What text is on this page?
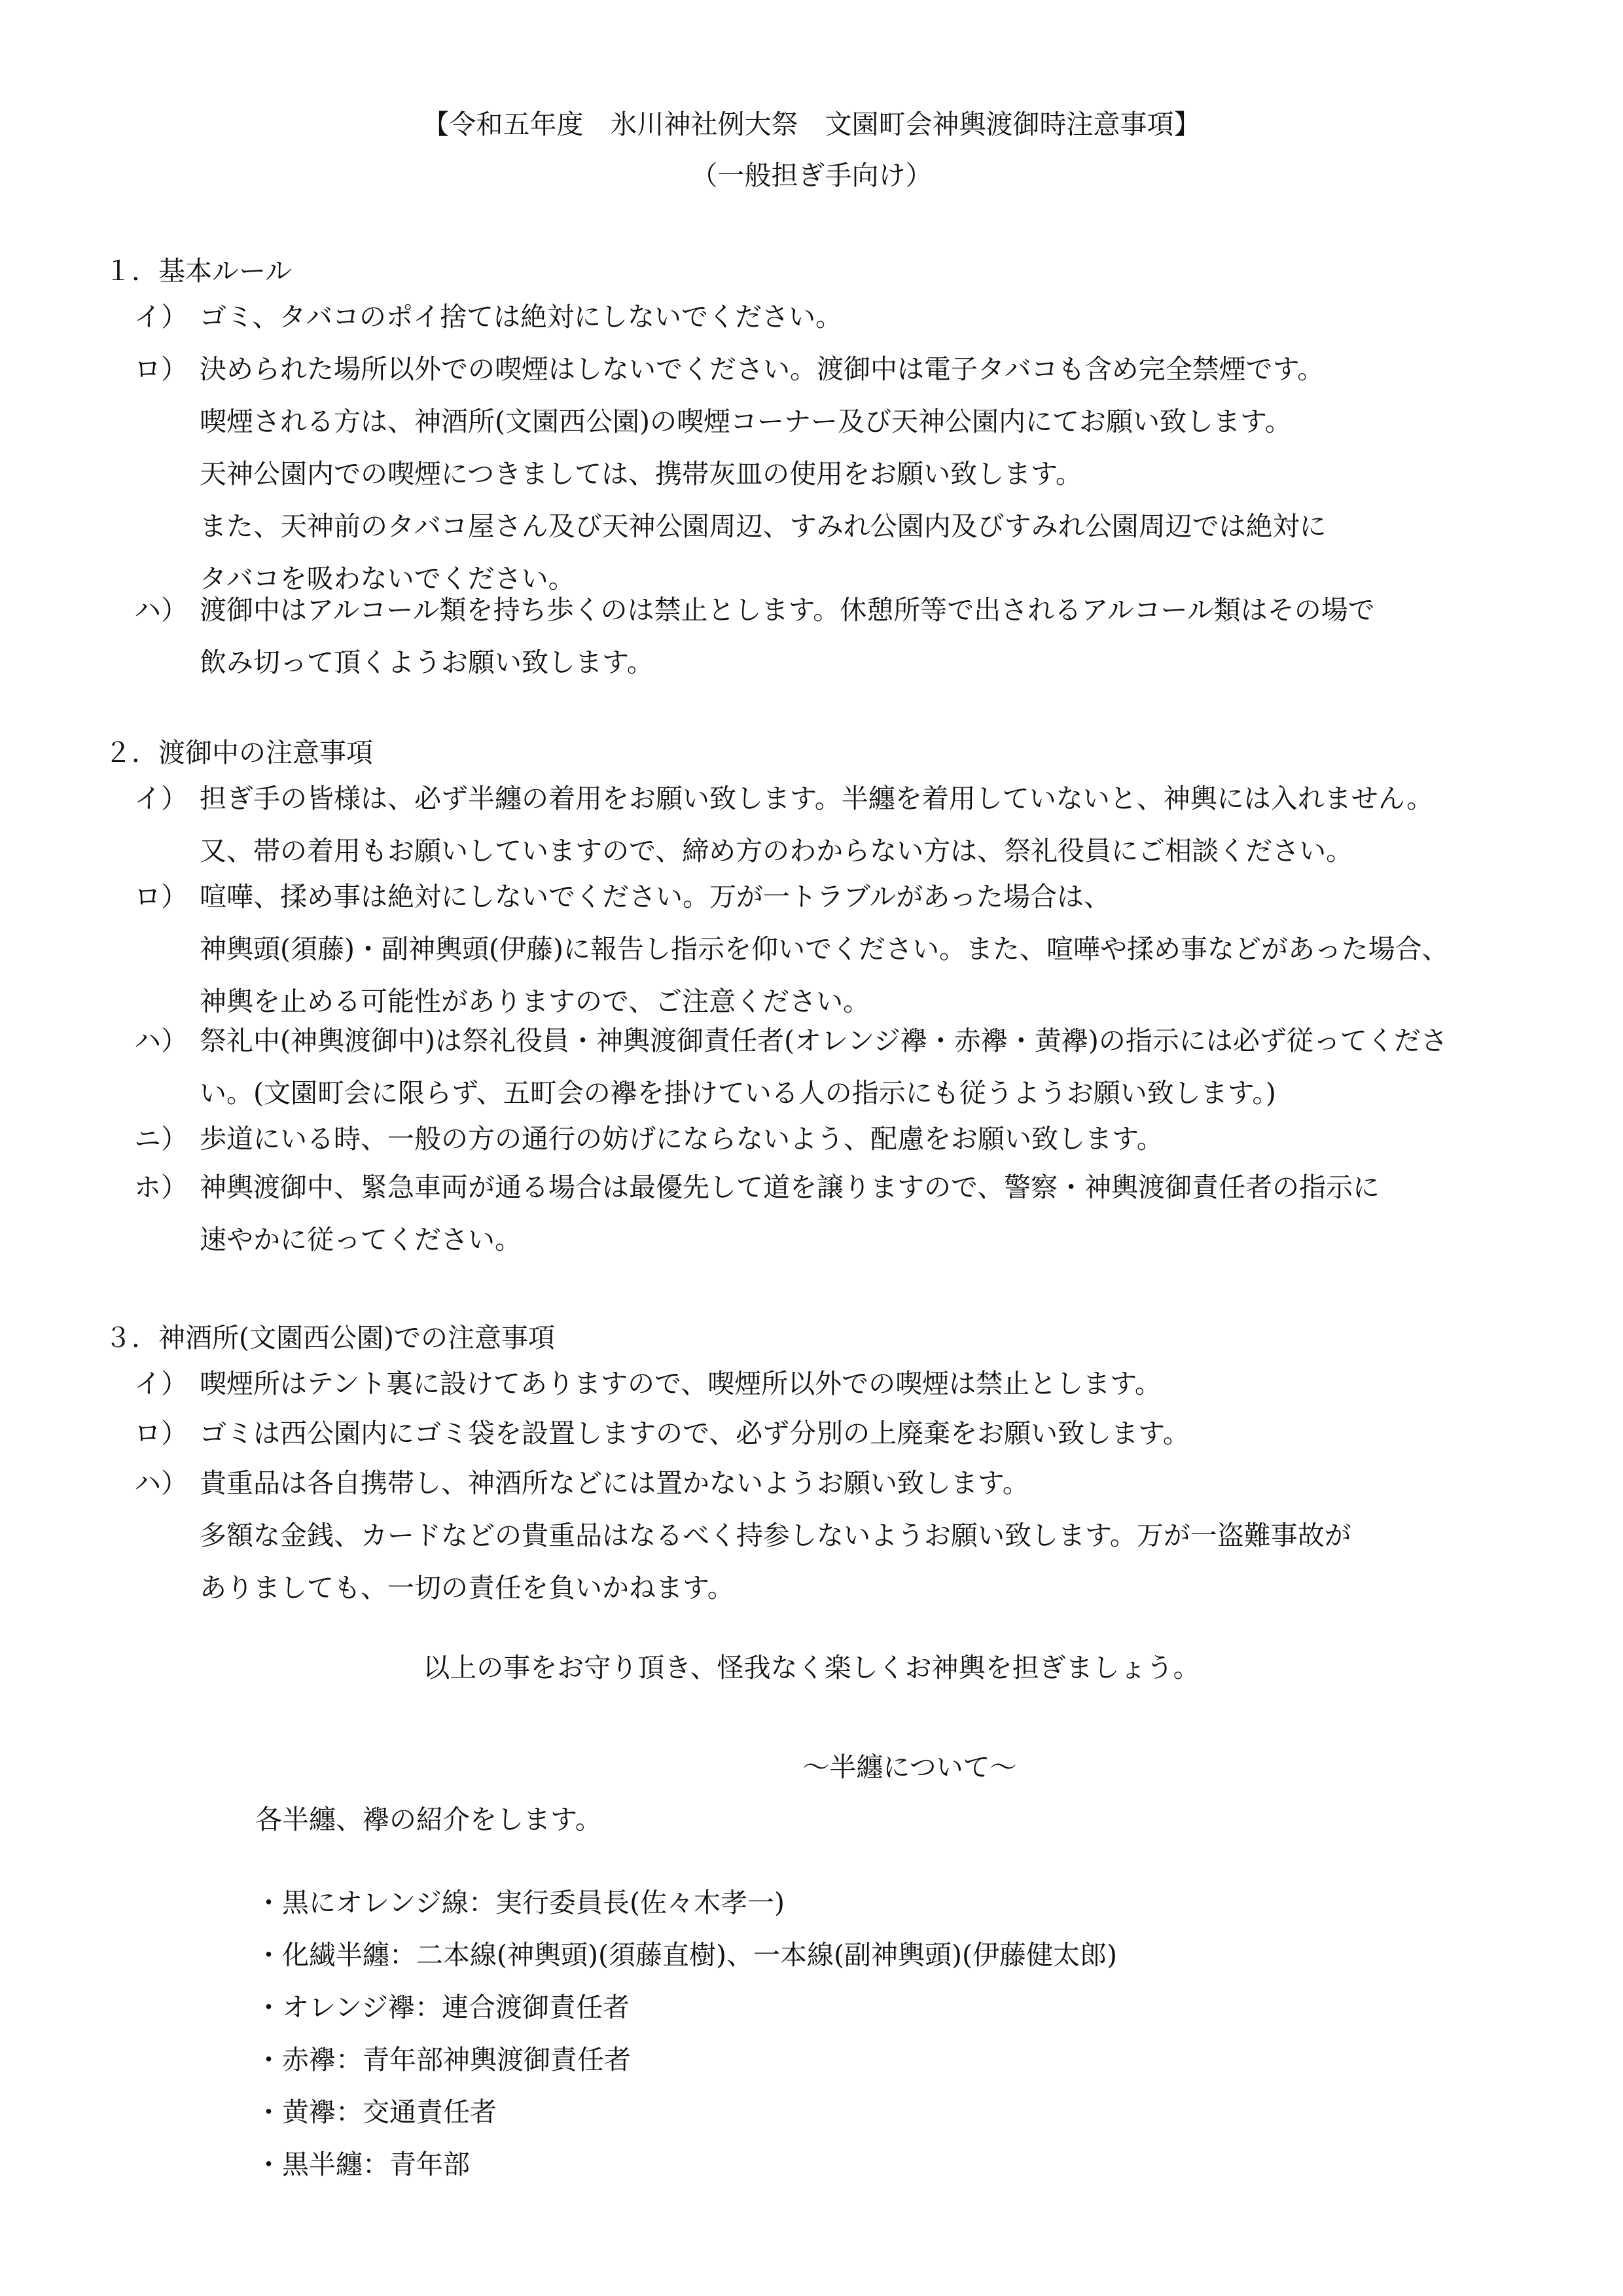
【令和五年度　氷川神社例大祭　文園町会神輿渡御時注意事項】
（一般担ぎ手向け）
１．基本ルール
イ） ゴミ、タバコのポイ捨ては絶対にしないでください。
ロ） 決められた場所以外での喫煙はしないでください。渡御中は電子タバコも含め完全禁煙です。
喫煙される方は、神酒所(文園西公園)の喫煙コーナー及び天神公園内にてお願い致します。
天神公園内での喫煙につきましては、携帯灰皿の使用をお願い致します。
また、天神前のタバコ屋さん及び天神公園周辺、すみれ公園内及びすみれ公園周辺では絶対に
タバコを吸わないでください。
ハ） 渡御中はアルコール類を持ち歩くのは禁止とします。休憩所等で出されるアルコール類はその場で
飲み切って頂くようお願い致します。
２．渡御中の注意事項
イ） 担ぎ手の皆様は、必ず半纏の着用をお願い致します。半纏を着用していないと、神輿には入れません。
又、帯の着用もお願いしていますので、締め方のわからない方は、祭礼役員にご相談ください。
ロ） 喧嘩、揉め事は絶対にしないでください。万が一トラブルがあった場合は、
神輿頭(須藤)・副神輿頭(伊藤)に報告し指示を仰いでください。また、喧嘩や揉め事などがあった場合、
神輿を止める可能性がありますので、ご注意ください。
ハ） 祭礼中(神輿渡御中)は祭礼役員・神輿渡御責任者(オレンジ襷・赤襷・黄襷)の指示には必ず従ってくださ
い。(文園町会に限らず、五町会の襷を掛けている人の指示にも従うようお願い致します。)
ニ） 歩道にいる時、一般の方の通行の妨げにならないよう、配慮をお願い致します。
ホ） 神輿渡御中、緊急車両が通る場合は最優先して道を譲りますので、警察・神輿渡御責任者の指示に
速やかに従ってください。
３．神酒所(文園西公園)での注意事項
イ） 喫煙所はテント裏に設けてありますので、喫煙所以外での喫煙は禁止とします。
ロ） ゴミは西公園内にゴミ袋を設置しますので、必ず分別の上廃棄をお願い致します。
ハ） 貴重品は各自携帯し、神酒所などには置かないようお願い致します。
多額な金銭、カードなどの貴重品はなるべく持参しないようお願い致します。万が一盗難事故が
ありましても、一切の責任を負いかねます。
以上の事をお守り頂き、怪我なく楽しくお神輿を担ぎましょう。
〜半纏について〜
各半纏、襷の紹介をします。
・黒にオレンジ線：実行委員長(佐々木孝一)
・化繊半纏：二本線(神輿頭)(須藤直樹)、一本線(副神輿頭)(伊藤健太郎)
・オレンジ襷：連合渡御責任者
・赤襷：青年部神輿渡御責任者
・黄襷：交通責任者
・黒半纏：青年部
